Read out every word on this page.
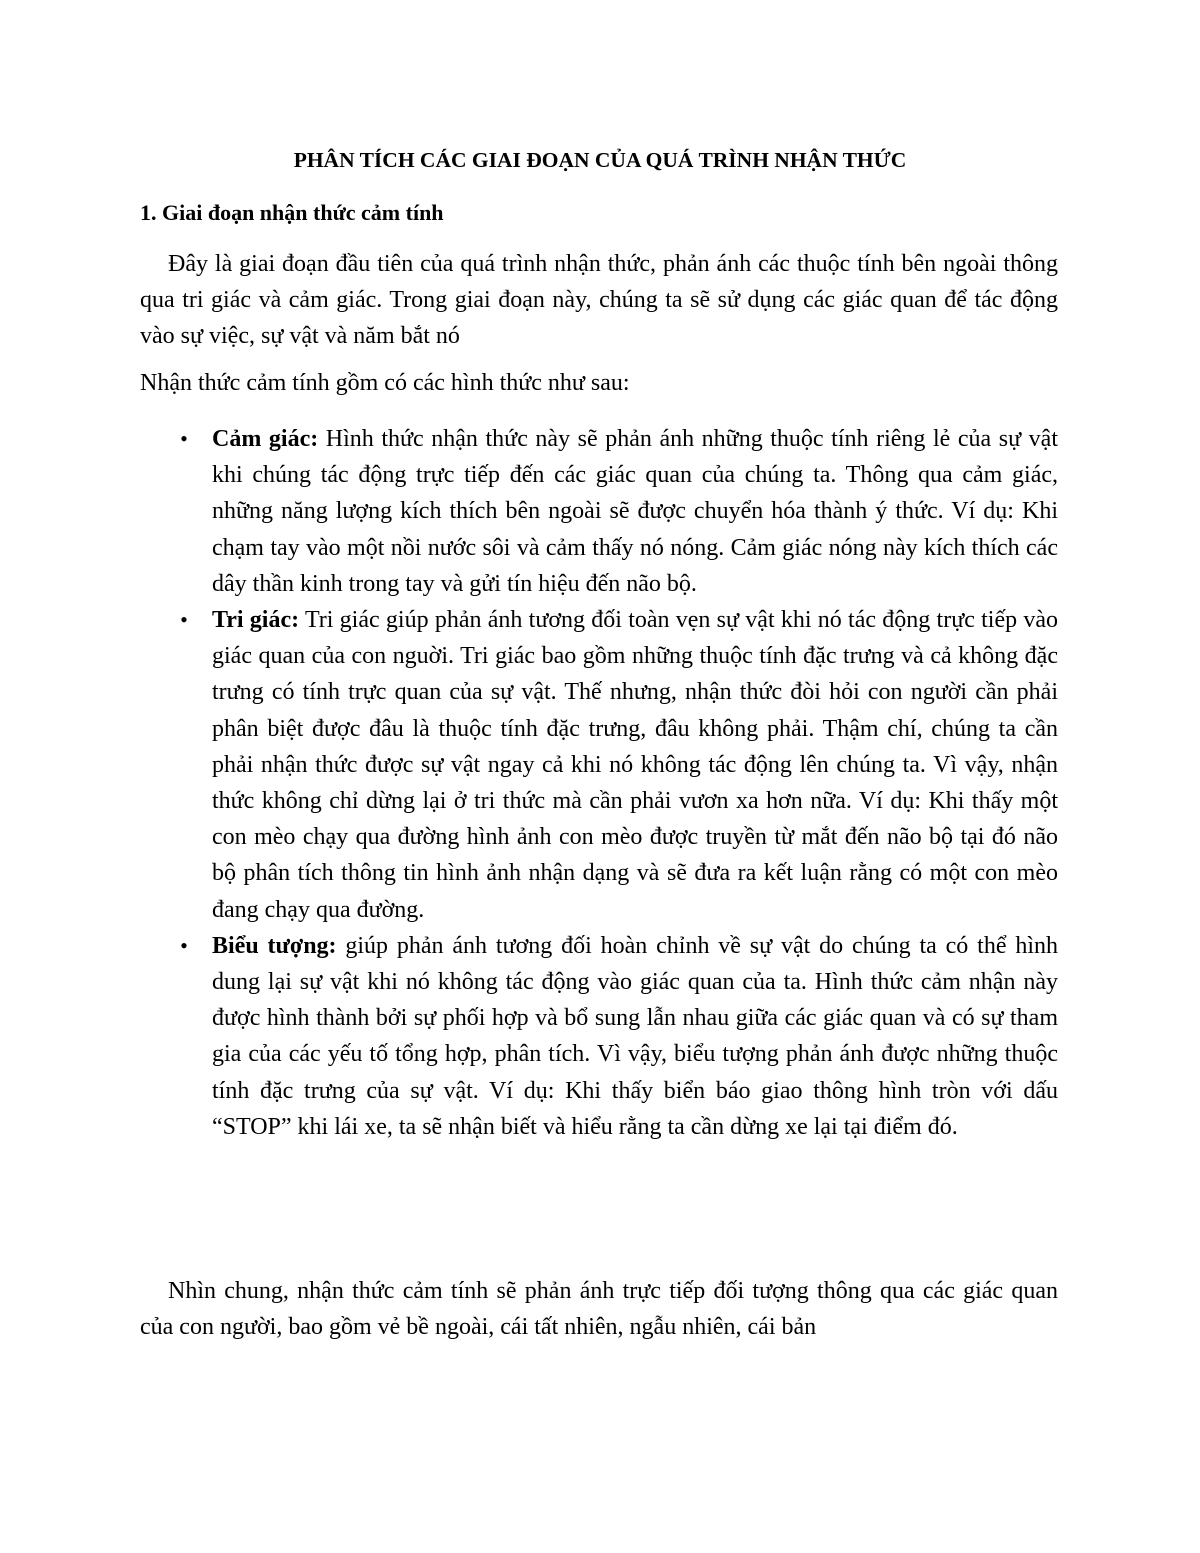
PHÂN TÍCH CÁC GIAI ĐOẠN CỦA QUÁ TRÌNH NHẬN THỨC
1. Giai đoạn nhận thức cảm tính

Đây là giai đoạn đầu tiên của quá trình nhận thức, phản ánh các thuộc tính bên ngoài thông qua tri giác và cảm giác. Trong giai đoạn này, chúng ta sẽ sử dụng các giác quan để tác động vào sự việc, sự vật và năm bắt nó

Nhận thức cảm tính gồm có các hình thức như sau:

• Cảm giác: Hình thức nhận thức này sẽ phản ánh những thuộc tính riêng lẻ của sự vật khi chúng tác động trực tiếp đến các giác quan của chúng ta. Thông qua cảm giác, những năng lượng kích thích bên ngoài sẽ được chuyển hóa thành ý thức. Ví dụ: Khi chạm tay vào một nồi nước sôi và cảm thấy nó nóng. Cảm giác nóng này kích thích các dây thần kinh trong tay và gửi tín hiệu đến não bộ.
• Tri giác: Tri giác giúp phản ánh tương đối toàn vẹn sự vật khi nó tác động trực tiếp vào giác quan của con nguời. Tri giác bao gồm những thuộc tính đặc trưng và cả không đặc trưng có tính trực quan của sự vật. Thế nhưng, nhận thức đòi hỏi con người cần phải phân biệt được đâu là thuộc tính đặc trưng, đâu không phải. Thậm chí, chúng ta cần phải nhận thức được sự vật ngay cả khi nó không tác động lên chúng ta. Vì vậy, nhận thức không chỉ dừng lại ở tri thức mà cần phải vươn xa hơn nữa. Ví dụ: Khi thấy một con mèo chạy qua đường hình ảnh con mèo được truyền từ mắt đến não bộ tại đó não bộ phân tích thông tin hình ảnh nhận dạng và sẽ đưa ra kết luận rằng có một con mèo đang chạy qua đường.
• Biểu tượng: giúp phản ánh tương đối hoàn chỉnh về sự vật do chúng ta có thể hình dung lại sự vật khi nó không tác động vào giác quan của ta. Hình thức cảm nhận này được hình thành bởi sự phối hợp và bổ sung lẫn nhau giữa các giác quan và có sự tham gia của các yếu tố tổng hợp, phân tích. Vì vậy, biểu tượng phản ánh được những thuộc tính đặc trưng của sự vật. Ví dụ: Khi thấy biển báo giao thông hình tròn với dấu “STOP” khi lái xe, ta sẽ nhận biết và hiểu rằng ta cần dừng xe lại tại điểm đó.

Nhìn chung, nhận thức cảm tính sẽ phản ánh trực tiếp đối tượng thông qua các giác quan của con người, bao gồm vẻ bề ngoài, cái tất nhiên, ngẫu nhiên, cái bản
